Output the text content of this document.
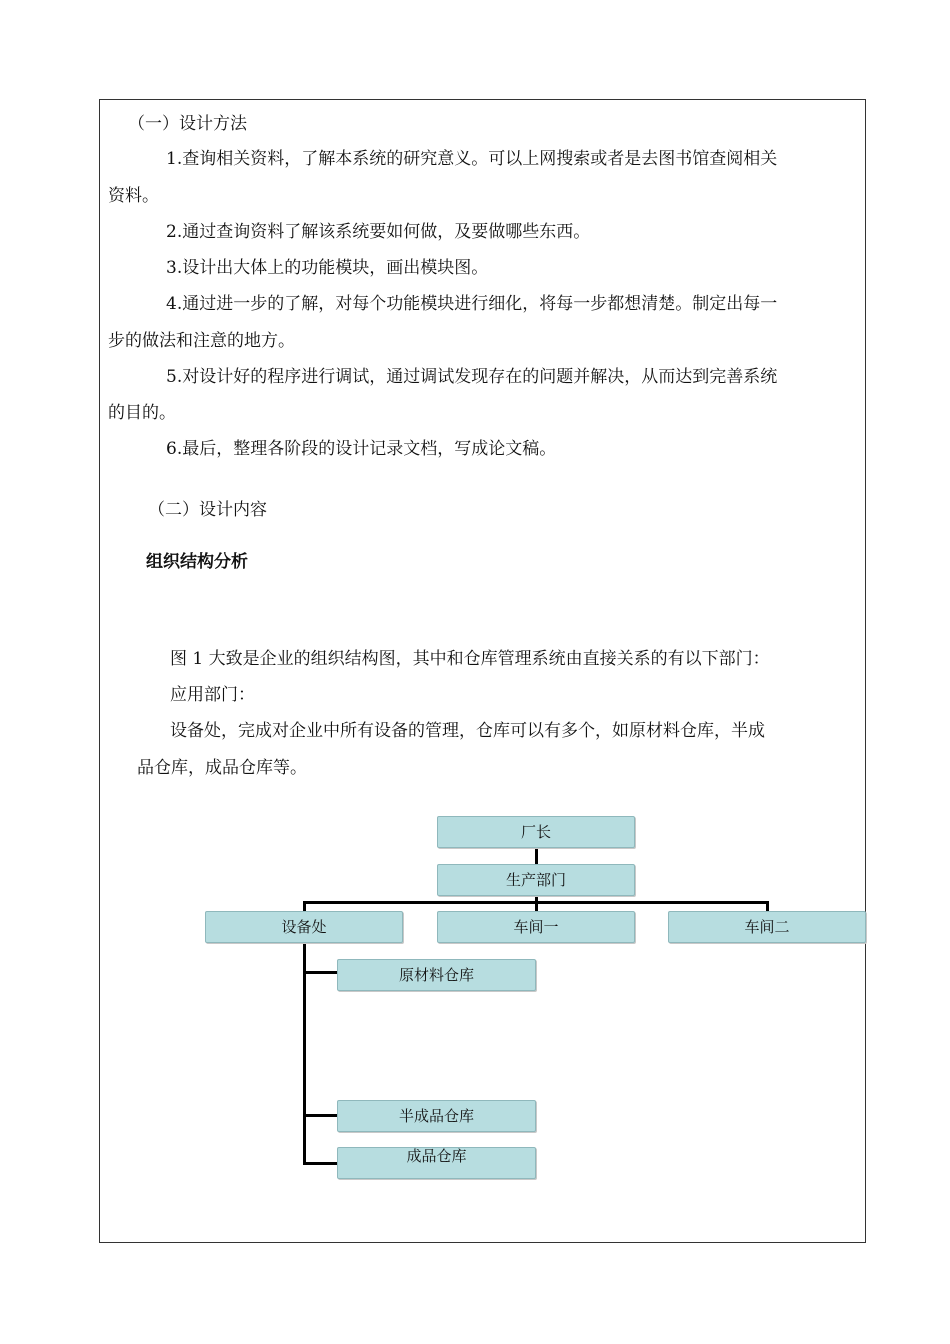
（一）设计方法
1.查询相关资料，了解本系统的研究意义。可以上网搜索或者是去图书馆查阅相关
资料。
2.通过查询资料了解该系统要如何做，及要做哪些东西。
3.设计出大体上的功能模块，画出模块图。
4.通过进一步的了解，对每个功能模块进行细化，将每一步都想清楚。制定出每一
步的做法和注意的地方。
5.对设计好的程序进行调试，通过调试发现存在的问题并解决，从而达到完善系统
的目的。
6.最后，整理各阶段的设计记录文档，写成论文稿。
（二）设计内容
组织结构分析
图 1 大致是企业的组织结构图，其中和仓库管理系统由直接关系的有以下部门：
应用部门：
设备处，完成对企业中所有设备的管理，仓库可以有多个，如原材料仓库，半成
品仓库，成品仓库等。
厂长
生产部门
设备处	车间一	车间二
原材料仓库
半成品仓库
成品仓库
